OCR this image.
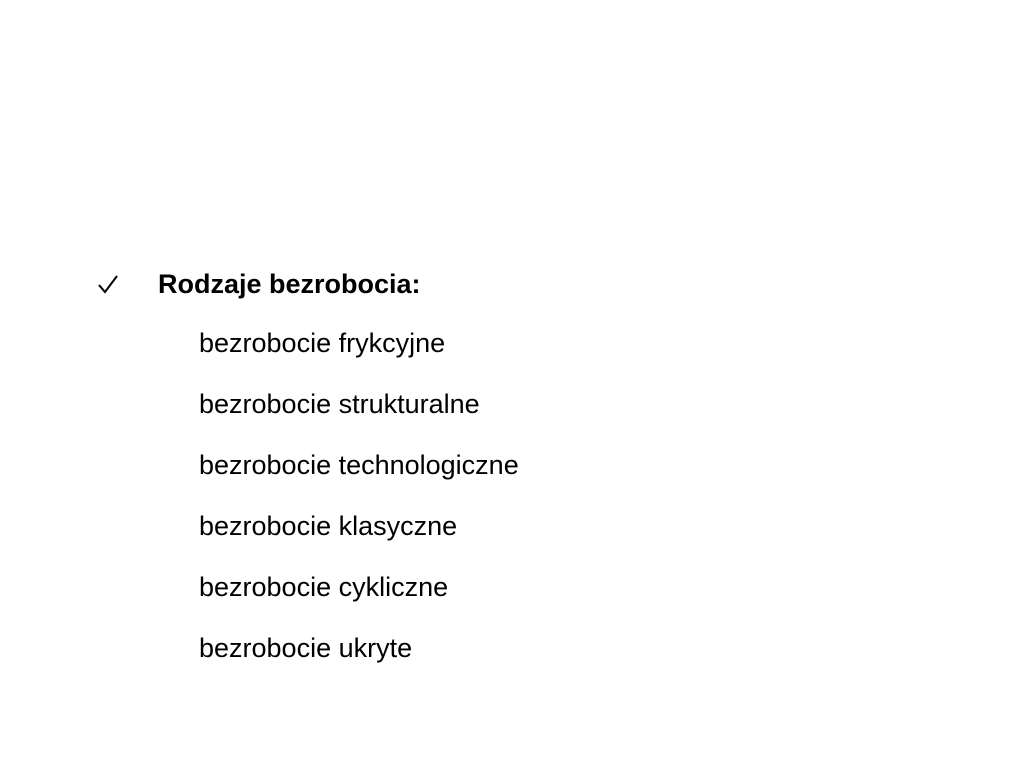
Rodzaje bezrobocia:
bezrobocie frykcyjne
bezrobocie strukturalne
bezrobocie technologiczne
bezrobocie klasyczne
bezrobocie cykliczne
bezrobocie ukryte
